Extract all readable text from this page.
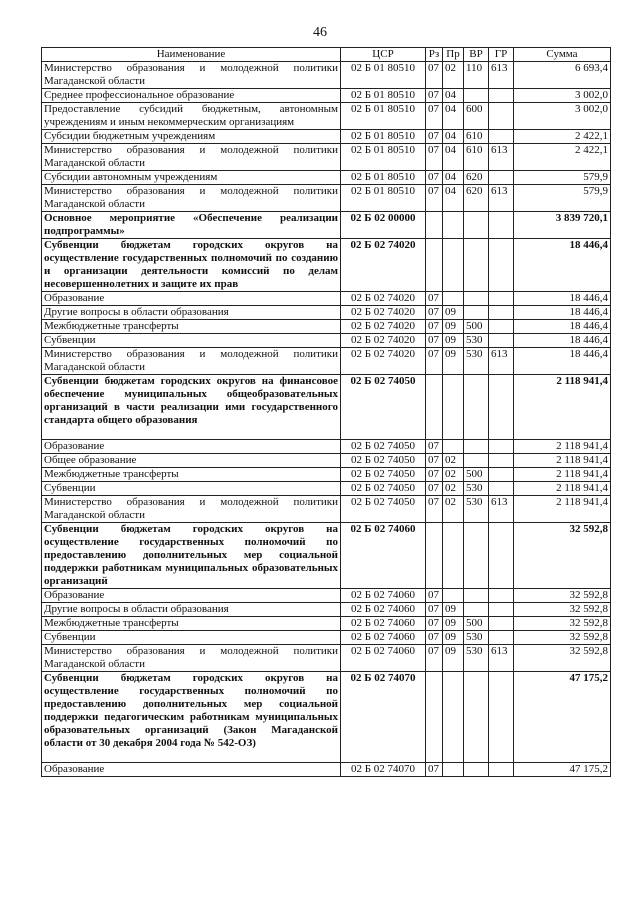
46
Наименование	ЦСР	Рз	Пр	ВР	ГР	Сумма
Министерство образования и молодежной политики Магаданской области	02 Б 01 80510	07	02	110	613	6 693,4
Среднее профессиональное образование	02 Б 01 80510	07	04			3 002,0
Предоставление субсидий бюджетным, автономным учреждениям и иным некоммерческим организациям	02 Б 01 80510	07	04	600		3 002,0
Субсидии бюджетным учреждениям	02 Б 01 80510	07	04	610		2 422,1
Министерство образования и молодежной политики Магаданской области	02 Б 01 80510	07	04	610	613	2 422,1
Субсидии автономным учреждениям	02 Б 01 80510	07	04	620		579,9
Министерство образования и молодежной политики Магаданской области	02 Б 01 80510	07	04	620	613	579,9
Основное мероприятие «Обеспечение реализации подпрограммы»	02 Б 02 00000					3 839 720,1
Субвенции бюджетам городских округов на осуществление государственных полномочий по созданию и организации деятельности комиссий по делам несовершеннолетних и защите их прав	02 Б 02 74020					18 446,4
Образование	02 Б 02 74020	07				18 446,4
Другие вопросы в области образования	02 Б 02 74020	07	09			18 446,4
Межбюджетные трансферты	02 Б 02 74020	07	09	500		18 446,4
Субвенции	02 Б 02 74020	07	09	530		18 446,4
Министерство образования и молодежной политики Магаданской области	02 Б 02 74020	07	09	530	613	18 446,4
Субвенции бюджетам городских округов на финансовое обеспечение муниципальных общеобразовательных организаций в части реализации ими государственного стандарта общего образования	02 Б 02 74050					2 118 941,4
Образование	02 Б 02 74050	07				2 118 941,4
Общее образование	02 Б 02 74050	07	02			2 118 941,4
Межбюджетные трансферты	02 Б 02 74050	07	02	500		2 118 941,4
Субвенции	02 Б 02 74050	07	02	530		2 118 941,4
Министерство образования и молодежной политики Магаданской области	02 Б 02 74050	07	02	530	613	2 118 941,4
Субвенции бюджетам городских округов на осуществление государственных полномочий по предоставлению дополнительных мер социальной поддержки работникам муниципальных образовательных организаций	02 Б 02 74060					32 592,8
Образование	02 Б 02 74060	07				32 592,8
Другие вопросы в области образования	02 Б 02 74060	07	09			32 592,8
Межбюджетные трансферты	02 Б 02 74060	07	09	500		32 592,8
Субвенции	02 Б 02 74060	07	09	530		32 592,8
Министерство образования и молодежной политики Магаданской области	02 Б 02 74060	07	09	530	613	32 592,8
Субвенции бюджетам городских округов на осуществление государственных полномочий по предоставлению дополнительных мер социальной поддержки педагогическим работникам муниципальных образовательных организаций (Закон Магаданской области от 30 декабря 2004 года № 542-ОЗ)	02 Б 02 74070					47 175,2
Образование	02 Б 02 74070	07				47 175,2
